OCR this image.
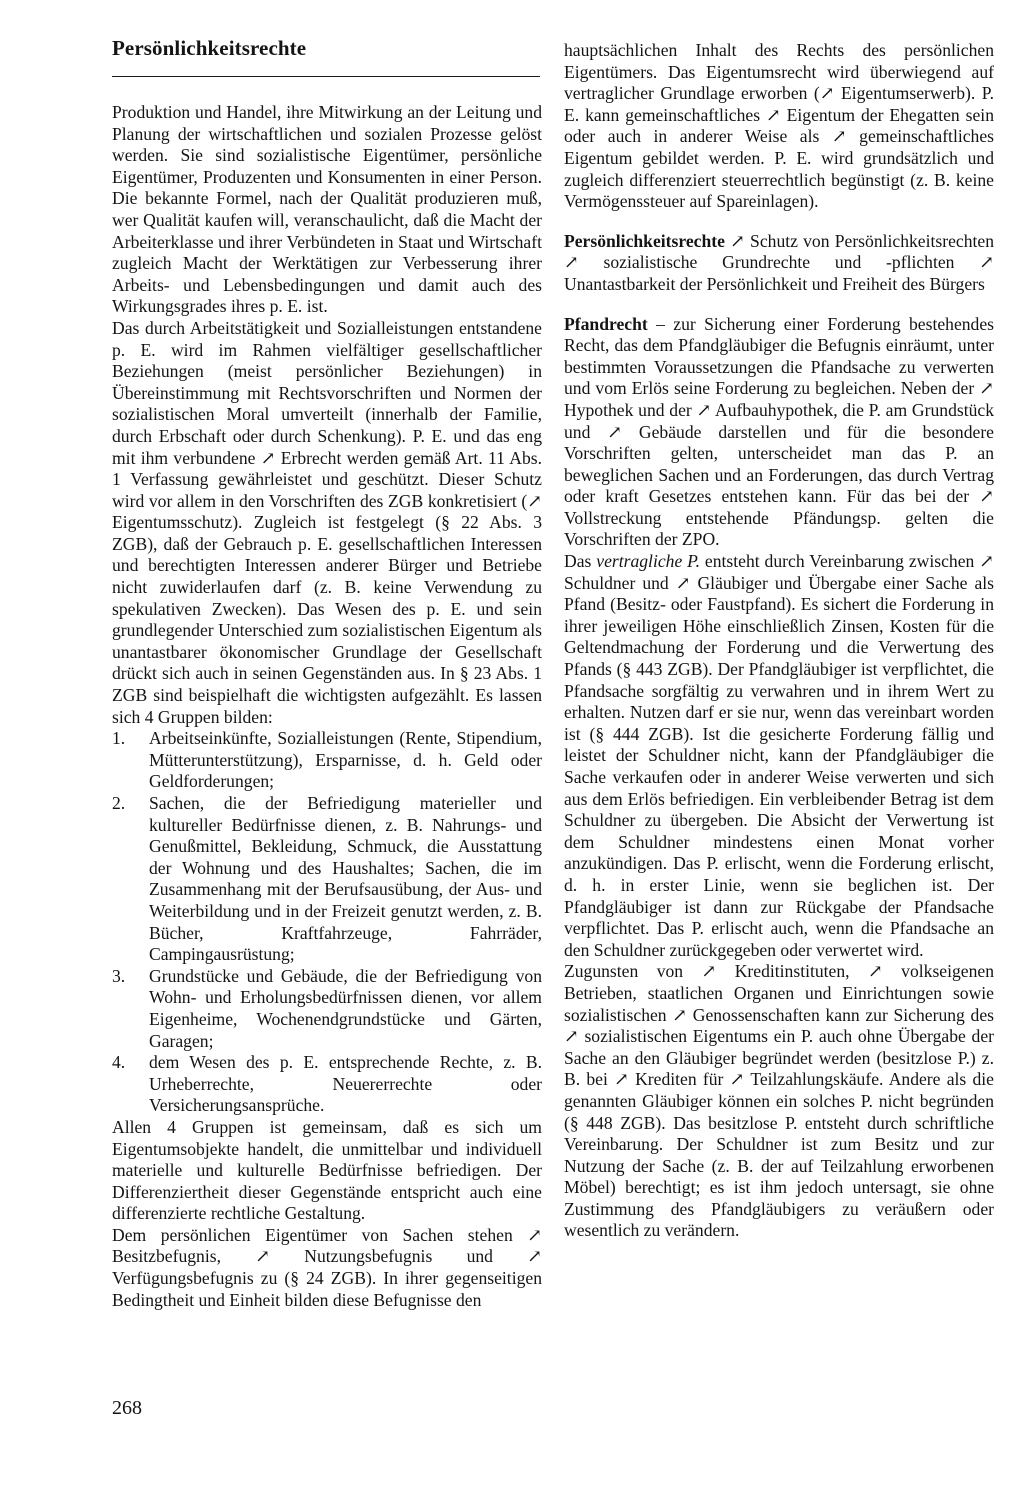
Persönlichkeitsrechte

Produktion und Handel, ihre Mitwirkung an der Leitung und Planung der wirtschaftlichen und sozialen Prozesse gelöst werden. Sie sind sozialistische Eigentümer, persönliche Eigentümer, Produzenten und Konsumenten in einer Person. Die bekannte Formel, nach der Qualität produzieren muß, wer Qualität kaufen will, veranschaulicht, daß die Macht der Arbeiterklasse und ihrer Verbündeten in Staat und Wirtschaft zugleich Macht der Werktätigen zur Verbesserung ihrer Arbeits- und Lebensbedingungen und damit auch des Wirkungsgrades ihres p. E. ist.

Das durch Arbeitstätigkeit und Sozialleistungen entstandene p. E. wird im Rahmen vielfältiger gesellschaftlicher Beziehungen (meist persönlicher Beziehungen) in Übereinstimmung mit Rechtsvorschriften und Normen der sozialistischen Moral umverteilt (innerhalb der Familie, durch Erbschaft oder durch Schenkung). P. E. und das eng mit ihm verbundene ↗ Erbrecht werden gemäß Art. 11 Abs. 1 Verfassung gewährleistet und geschützt. Dieser Schutz wird vor allem in den Vorschriften des ZGB konkretisiert (↗ Eigentumsschutz). Zugleich ist festgelegt (§ 22 Abs. 3 ZGB), daß der Gebrauch p. E. gesellschaftlichen Interessen und berechtigten Interessen anderer Bürger und Betriebe nicht zuwiderlaufen darf (z. B. keine Verwendung zu spekulativen Zwecken). Das Wesen des p. E. und sein grundlegender Unterschied zum sozialistischen Eigentum als unantastbarer ökonomischer Grundlage der Gesellschaft drückt sich auch in seinen Gegenständen aus. In § 23 Abs. 1 ZGB sind beispielhaft die wichtigsten aufgezählt. Es lassen sich 4 Gruppen bilden:

1. Arbeitseinkünfte, Sozialleistungen (Rente, Stipendium, Mütterunterstützung), Ersparnisse, d. h. Geld oder Geldforderungen;
2. Sachen, die der Befriedigung materieller und kultureller Bedürfnisse dienen, z. B. Nahrungs- und Genußmittel, Bekleidung, Schmuck, die Ausstattung der Wohnung und des Haushaltes; Sachen, die im Zusammenhang mit der Berufsausübung, der Aus- und Weiterbildung und in der Freizeit genutzt werden, z. B. Bücher, Kraftfahrzeuge, Fahrräder, Campingausrüstung;
3. Grundstücke und Gebäude, die der Befriedigung von Wohn- und Erholungsbedürfnissen dienen, vor allem Eigenheime, Wochenendgrundstücke und Gärten, Garagen;
4. dem Wesen des p. E. entsprechende Rechte, z. B. Urheberrechte, Neuererrechte oder Versicherungsansprüche.

Allen 4 Gruppen ist gemeinsam, daß es sich um Eigentumsobjekte handelt, die unmittelbar und individuell materielle und kulturelle Bedürfnisse befriedigen. Der Differenziertheit dieser Gegenstände entspricht auch eine differenzierte rechtliche Gestaltung.

Dem persönlichen Eigentümer von Sachen stehen ↗ Besitzbefugnis, ↗ Nutzungsbefugnis und ↗ Verfügungsbefugnis zu (§ 24 ZGB). In ihrer gegenseitigen Bedingtheit und Einheit bilden diese Befugnisse den

hauptsächlichen Inhalt des Rechts des persönlichen Eigentümers. Das Eigentumsrecht wird überwiegend auf vertraglicher Grundlage erworben (↗ Eigentumserwerb). P. E. kann gemeinschaftliches ↗ Eigentum der Ehegatten sein oder auch in anderer Weise als ↗ gemeinschaftliches Eigentum gebildet werden. P. E. wird grundsätzlich und zugleich differenziert steuerrechtlich begünstigt (z. B. keine Vermögenssteuer auf Spareinlagen).

Persönlichkeitsrechte ↗ Schutz von Persönlichkeitsrechten ↗ sozialistische Grundrechte und -pflichten ↗ Unantastbarkeit der Persönlichkeit und Freiheit des Bürgers

Pfandrecht – zur Sicherung einer Forderung bestehendes Recht, das dem Pfandgläubiger die Befugnis einräumt, unter bestimmten Voraussetzungen die Pfandsache zu verwerten und vom Erlös seine Forderung zu begleichen. Neben der ↗ Hypothek und der ↗ Aufbauhypothek, die P. am Grundstück und ↗ Gebäude darstellen und für die besondere Vorschriften gelten, unterscheidet man das P. an beweglichen Sachen und an Forderungen, das durch Vertrag oder kraft Gesetzes entstehen kann. Für das bei der ↗ Vollstreckung entstehende Pfändungsp. gelten die Vorschriften der ZPO.

Das vertragliche P. entsteht durch Vereinbarung zwischen ↗ Schuldner und ↗ Gläubiger und Übergabe einer Sache als Pfand (Besitz- oder Faustpfand). Es sichert die Forderung in ihrer jeweiligen Höhe einschließlich Zinsen, Kosten für die Geltendmachung der Forderung und die Verwertung des Pfands (§ 443 ZGB). Der Pfandgläubiger ist verpflichtet, die Pfandsache sorgfältig zu verwahren und in ihrem Wert zu erhalten. Nutzen darf er sie nur, wenn das vereinbart worden ist (§ 444 ZGB). Ist die gesicherte Forderung fällig und leistet der Schuldner nicht, kann der Pfandgläubiger die Sache verkaufen oder in anderer Weise verwerten und sich aus dem Erlös befriedigen. Ein verbleibender Betrag ist dem Schuldner zu übergeben. Die Absicht der Verwertung ist dem Schuldner mindestens einen Monat vorher anzukündigen. Das P. erlischt, wenn die Forderung erlischt, d. h. in erster Linie, wenn sie beglichen ist. Der Pfandgläubiger ist dann zur Rückgabe der Pfandsache verpflichtet. Das P. erlischt auch, wenn die Pfandsache an den Schuldner zurückgegeben oder verwertet wird.

Zugunsten von ↗ Kreditinstituten, ↗ volkseigenen Betrieben, staatlichen Organen und Einrichtungen sowie sozialistischen ↗ Genossenschaften kann zur Sicherung des ↗ sozialistischen Eigentums ein P. auch ohne Übergabe der Sache an den Gläubiger begründet werden (besitzlose P.) z. B. bei ↗ Krediten für ↗ Teilzahlungskäufe. Andere als die genannten Gläubiger können ein solches P. nicht begründen (§ 448 ZGB). Das besitzlose P. entsteht durch schriftliche Vereinbarung. Der Schuldner ist zum Besitz und zur Nutzung der Sache (z. B. der auf Teilzahlung erworbenen Möbel) berechtigt; es ist ihm jedoch untersagt, sie ohne Zustimmung des Pfandgläubigers zu veräußern oder wesentlich zu verändern.

268
